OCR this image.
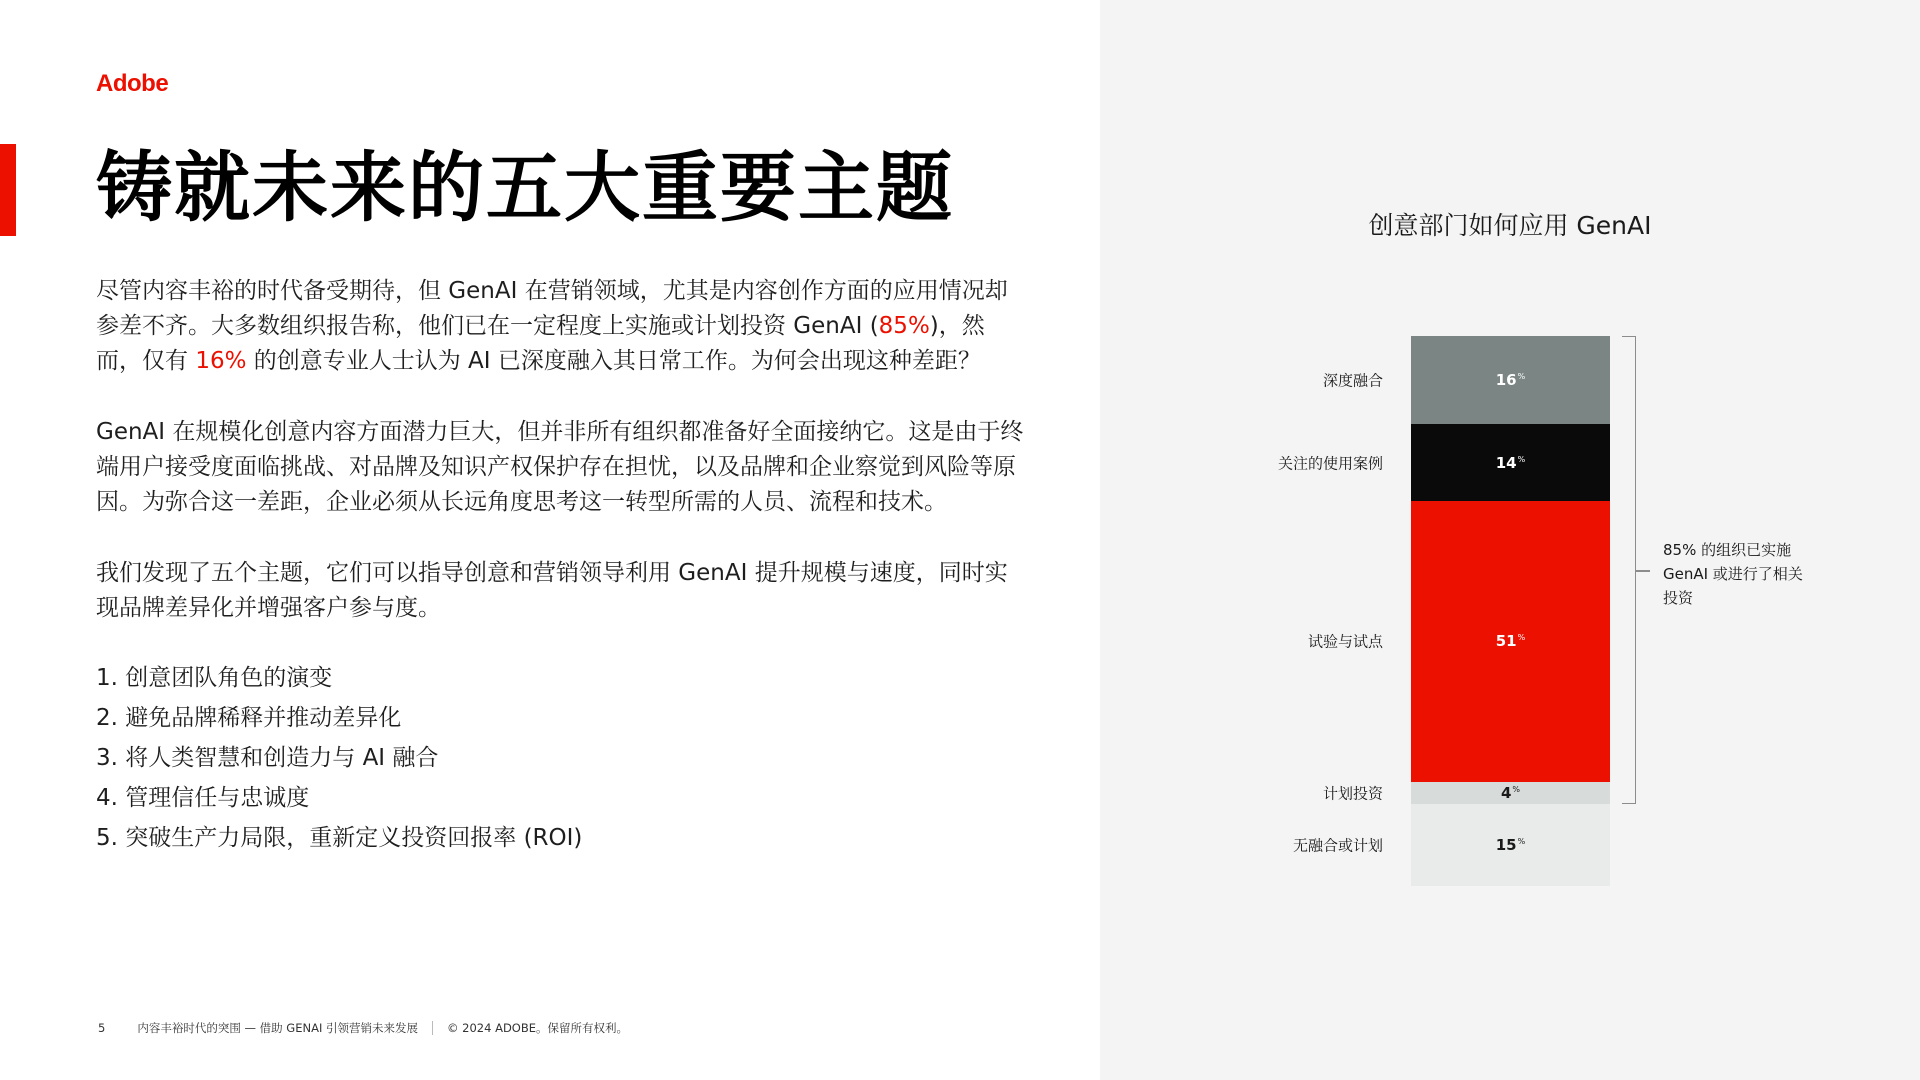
Adobe
铸就未来的五大重要主题

尽管内容丰裕的时代备受期待，但 GenAI 在营销领域，尤其是内容创作方面的应用情况却参差不齐。大多数组织报告称，他们已在一定程度上实施或计划投资 GenAI (85%)，然而，仅有 16% 的创意专业人士认为 AI 已深度融入其日常工作。为何会出现这种差距？

GenAI 在规模化创意内容方面潜力巨大，但并非所有组织都准备好全面接纳它。这是由于终端用户接受度面临挑战、对品牌及知识产权保护存在担忧，以及品牌和企业察觉到风险等原因。为弥合这一差距，企业必须从长远角度思考这一转型所需的人员、流程和技术。

我们发现了五个主题，它们可以指导创意和营销领导利用 GenAI 提升规模与速度，同时实现品牌差异化并增强客户参与度。

1. 创意团队角色的演变
2. 避免品牌稀释并推动差异化
3. 将人类智慧和创造力与 AI 融合
4. 管理信任与忠诚度
5. 突破生产力局限，重新定义投资回报率 (ROI)
5	内容丰裕时代的突围 — 借助 GENAI 引领营销未来发展	© 2024 ADOBE。保留所有权利。
创意部门如何应用 GenAI
16%
14%
51%
4%
15%
深度融合
关注的使用案例
试验与试点
计划投资
无融合或计划
85% 的组织已实施 GenAI 或进行了相关投资
